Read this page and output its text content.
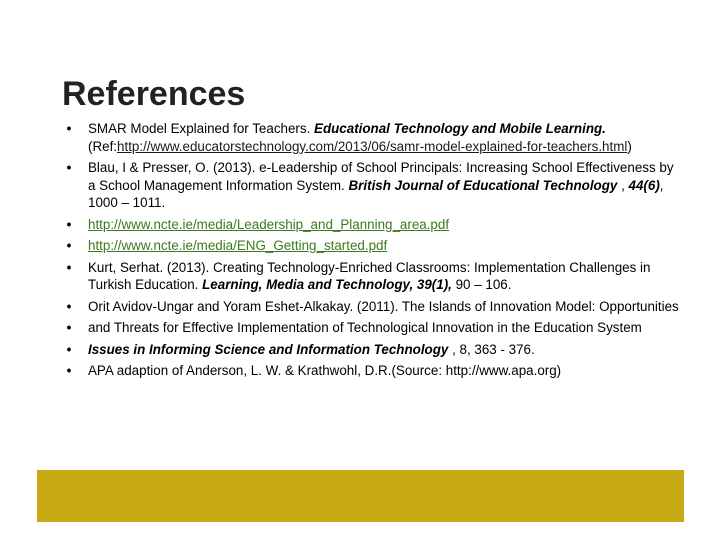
References
•	SMAR Model Explained for Teachers. Educational Technology and Mobile Learning. (Ref:http://www.educatorstechnology.com/2013/06/samr-model-explained-for-teachers.html)
•	Blau, I & Presser, O. (2013). e-Leadership of School Principals: Increasing School Effectiveness by a School Management Information System. British Journal of Educational Technology , 44(6), 1000 – 1011.
•	http://www.ncte.ie/media/Leadership_and_Planning_area.pdf
•	http://www.ncte.ie/media/ENG_Getting_started.pdf
•	Kurt, Serhat. (2013). Creating Technology-Enriched Classrooms: Implementation Challenges in Turkish Education. Learning, Media and Technology, 39(1), 90 – 106.
•	Orit Avidov-Ungar and Yoram Eshet-Alkakay. (2011). The Islands of Innovation Model: Opportunities
•	and Threats for Effective Implementation of Technological Innovation in the Education System
•	Issues in Informing Science and Information Technology , 8, 363 - 376.
•	APA adaption of Anderson, L. W. & Krathwohl, D.R.(Source: http://www.apa.org)
